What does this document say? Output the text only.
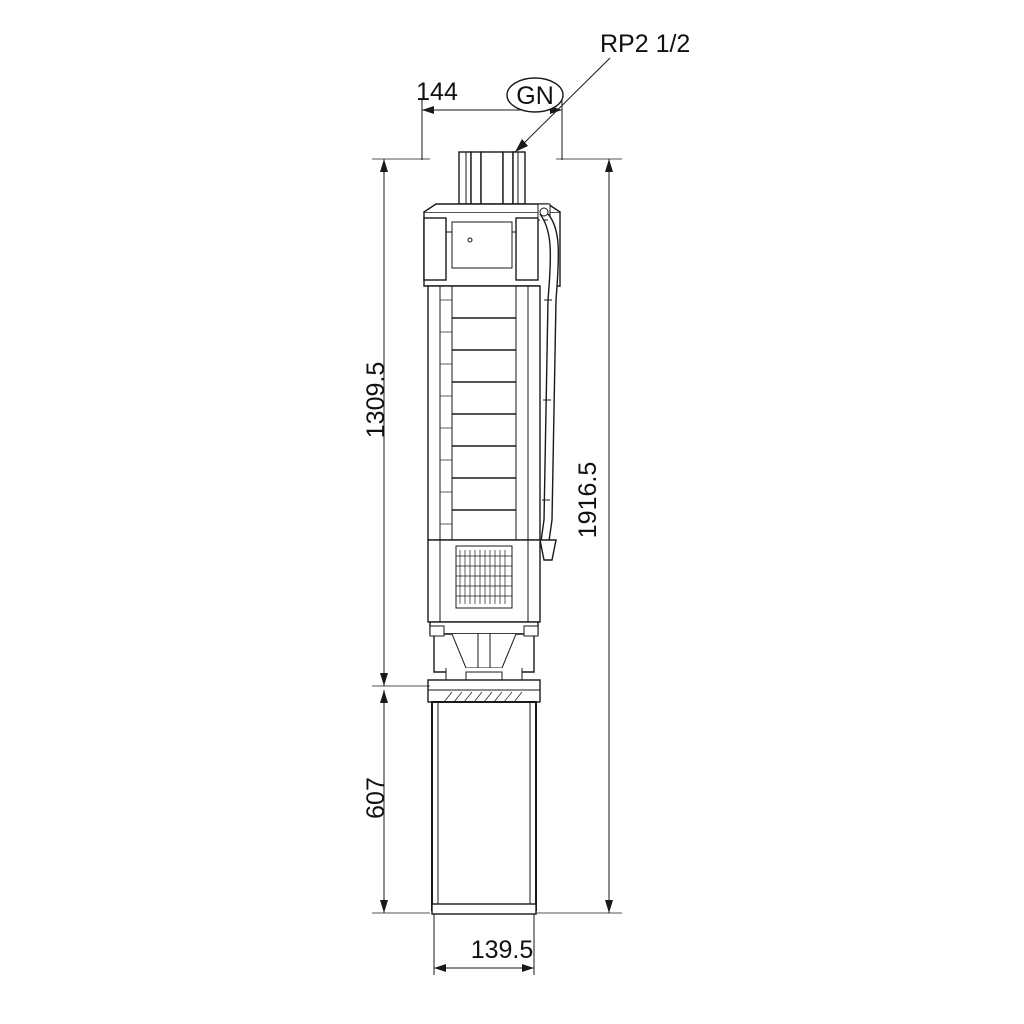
144 GN
RP2 1/2
1309.5
607
1916.5
139.5
